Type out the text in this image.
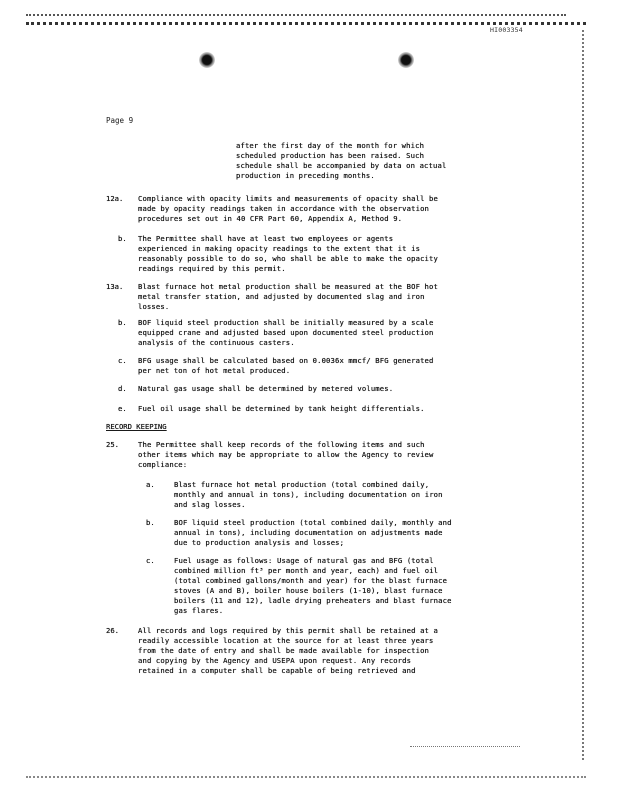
HI003354
Page 9
after the first day of the month for which
scheduled production has been raised. Such
schedule shall be accompanied by data on actual
production in preceding months.
12a. Compliance with opacity limits and measurements of opacity shall be
made by opacity readings taken in accordance with the observation
procedures set out in 40 CFR Part 60, Appendix A, Method 9.
b. The Permittee shall have at least two employees or agents
experienced in making opacity readings to the extent that it is
reasonably possible to do so, who shall be able to make the opacity
readings required by this permit.
13a. Blast furnace hot metal production shall be measured at the BOF hot
metal transfer station, and adjusted by documented slag and iron
losses.
b. BOF liquid steel production shall be initially measured by a scale
equipped crane and adjusted based upon documented steel production
analysis of the continuous casters.
c. BFG usage shall be calculated based on 0.0036x mmcf/ BFG generated
per net ton of hot metal produced.
d. Natural gas usage shall be determined by metered volumes.
e. Fuel oil usage shall be determined by tank height differentials.
RECORD KEEPING
25.	The Permittee shall keep records of the following items and such
other items which may be appropriate to allow the Agency to review
compliance:
a.	Blast furnace hot metal production (total combined daily,
monthly and annual in tons), including documentation on iron
and slag losses.
b.	BOF liquid steel production (total combined daily, monthly and
annual in tons), including documentation on adjustments made
due to production analysis and losses;
c.	Fuel usage as follows: Usage of natural gas and BFG (total
combined million ft³ per month and year, each) and fuel oil
(total combined gallons/month and year) for the blast furnace
stoves (A and B), boiler house boilers (1-10), blast furnace
boilers (11 and 12), ladle drying preheaters and blast furnace
gas flares.
26.	All records and logs required by this permit shall be retained at a
readily accessible location at the source for at least three years
from the date of entry and shall be made available for inspection
and copying by the Agency and USEPA upon request. Any records
retained in a computer shall be capable of being retrieved and
